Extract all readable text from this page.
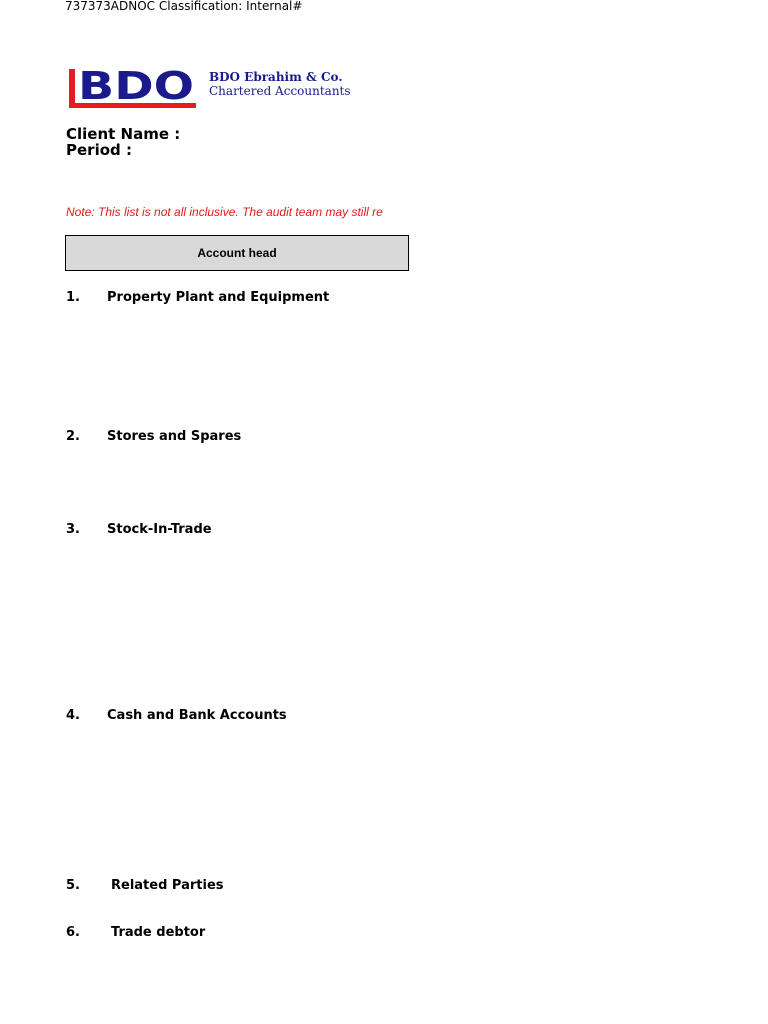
737373ADNOC Classification: Internal#
BDO BDO Ebrahim & Co.
Chartered Accountants
Client Name :
Period :
Note: This list is not all inclusive. The audit team may still re
Account head
1. Property Plant and Equipment
2. Stores and Spares
3. Stock-In-Trade
4. Cash and Bank Accounts
5. Related Parties
6. Trade debtor
